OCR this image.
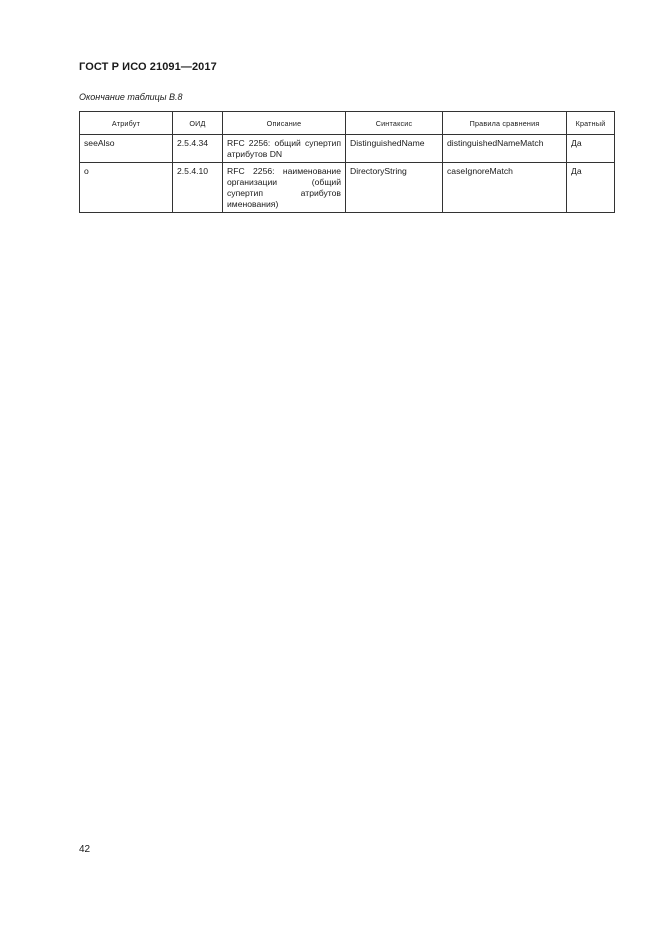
ГОСТ Р ИСО 21091—2017
Окончание таблицы В.8
Атрибут	ОИД	Описание	Синтаксис	Правила сравнения	Кратный
seeAlso	2.5.4.34	RFC 2256: общий супертип атрибутов DN	DistinguishedName	distinguishedNameMatch	Да
o	2.5.4.10	RFC 2256: наименование организации (общий супертип атрибутов именования)	DirectoryString	caseIgnoreMatch	Да
42
